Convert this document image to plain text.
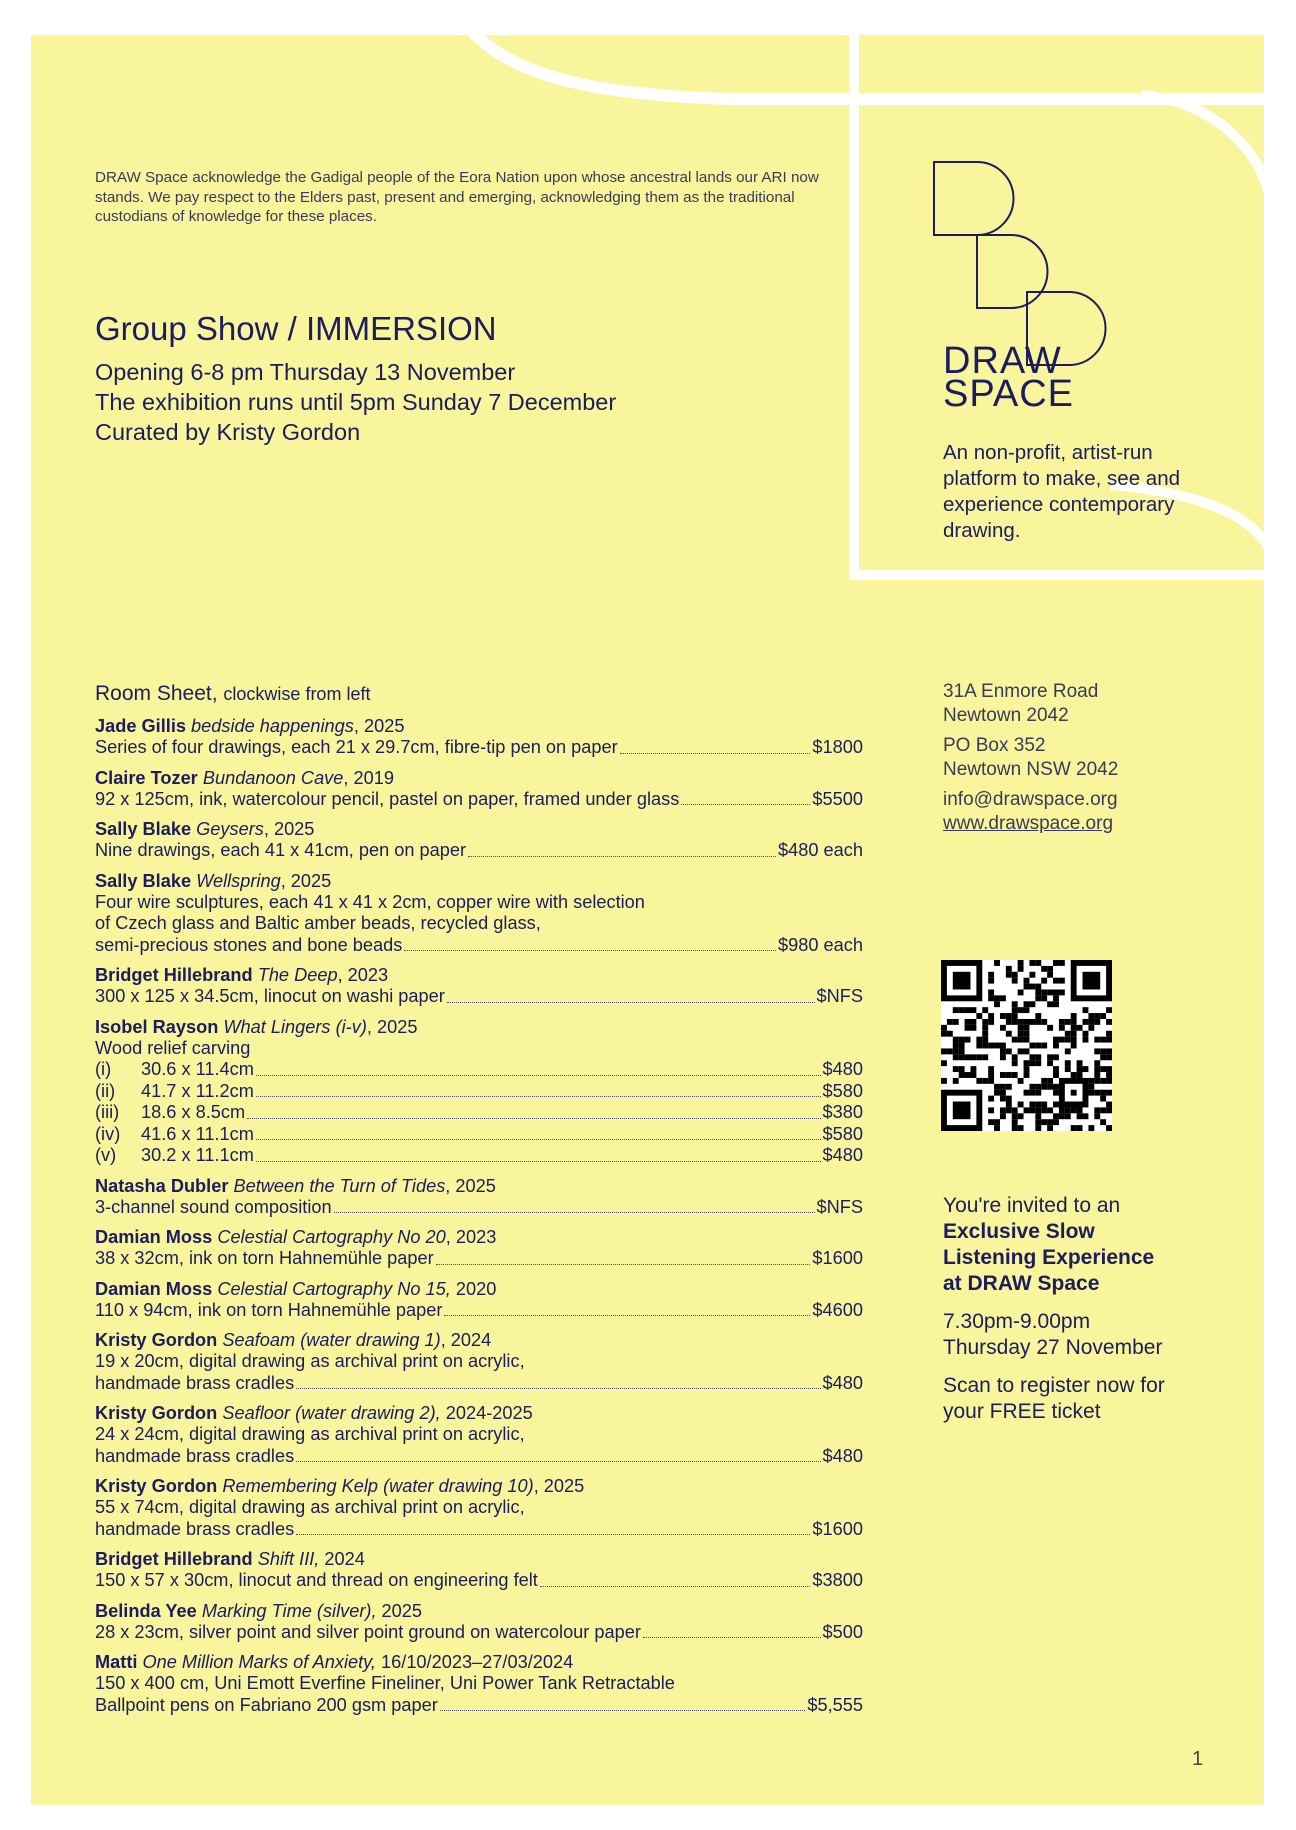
DRAW Space acknowledge the Gadigal people of the Eora Nation upon whose ancestral lands our ARI now stands. We pay respect to the Elders past, present and emerging, acknowledging them as the traditional custodians of knowledge for these places.
Group Show / IMMERSION
Opening 6-8 pm Thursday 13 November
The exhibition runs until 5pm Sunday 7 December
Curated by Kristy Gordon
DRAW
SPACE
An non-profit, artist-run platform to make, see and experience contemporary drawing.
31A Enmore Road
Newtown 2042
PO Box 352
Newtown NSW 2042
info@drawspace.org
www.drawspace.org
You're invited to an
Exclusive Slow
Listening Experience
at DRAW Space
7.30pm-9.00pm
Thursday 27 November
Scan to register now for
your FREE ticket
Room Sheet, clockwise from left
Jade Gillis bedside happenings, 2025
Series of four drawings, each 21 x 29.7cm, fibre-tip pen on paper	$1800
Claire Tozer Bundanoon Cave, 2019
92 x 125cm, ink, watercolour pencil, pastel on paper, framed under glass	$5500
Sally Blake Geysers, 2025
Nine drawings, each 41 x 41cm, pen on paper	$480 each
Sally Blake Wellspring, 2025
Four wire sculptures, each 41 x 41 x 2cm, copper wire with selection
of Czech glass and Baltic amber beads, recycled glass,
semi-precious stones and bone beads	$980 each
Bridget Hillebrand The Deep, 2023
300 x 125 x 34.5cm, linocut on washi paper	$NFS
Isobel Rayson What Lingers (i-v), 2025
Wood relief carving
(i) 30.6 x 11.4cm	$480
(ii) 41.7 x 11.2cm	$580
(iii) 18.6 x 8.5cm	$380
(iv) 41.6 x 11.1cm	$580
(v) 30.2 x 11.1cm	$480
Natasha Dubler Between the Turn of Tides, 2025
3-channel sound composition	$NFS
Damian Moss Celestial Cartography No 20, 2023
38 x 32cm, ink on torn Hahnemühle paper	$1600
Damian Moss Celestial Cartography No 15, 2020
110 x 94cm, ink on torn Hahnemühle paper	$4600
Kristy Gordon Seafoam (water drawing 1), 2024
19 x 20cm, digital drawing as archival print on acrylic,
handmade brass cradles	$480
Kristy Gordon Seafloor (water drawing 2), 2024-2025
24 x 24cm, digital drawing as archival print on acrylic,
handmade brass cradles	$480
Kristy Gordon Remembering Kelp (water drawing 10), 2025
55 x 74cm, digital drawing as archival print on acrylic,
handmade brass cradles	$1600
Bridget Hillebrand Shift III, 2024
150 x 57 x 30cm, linocut and thread on engineering felt	$3800
Belinda Yee Marking Time (silver), 2025
28 x 23cm, silver point and silver point ground on watercolour paper	$500
Matti One Million Marks of Anxiety, 16/10/2023–27/03/2024
150 x 400 cm, Uni Emott Everfine Fineliner, Uni Power Tank Retractable
Ballpoint pens on Fabriano 200 gsm paper	$5,555
1
